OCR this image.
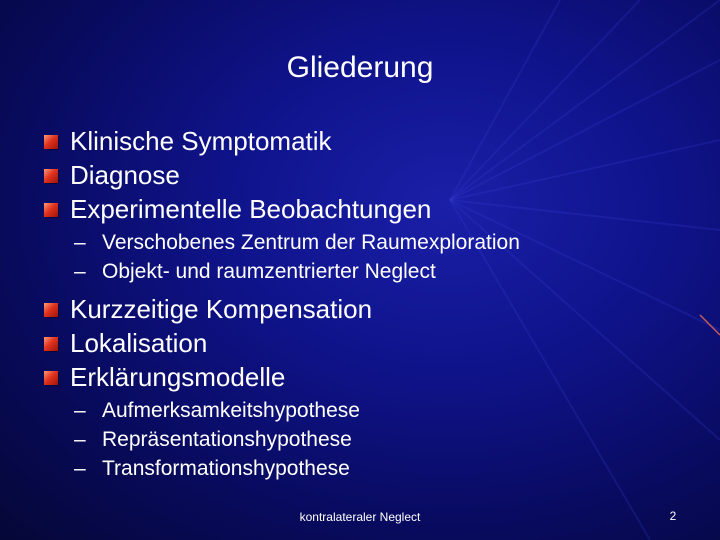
Gliederung
Klinische Symptomatik
Diagnose
Experimentelle Beobachtungen
– Verschobenes Zentrum der Raumexploration
– Objekt- und raumzentrierter Neglect
Kurzzeitige Kompensation
Lokalisation
Erklärungsmodelle
– Aufmerksamkeitshypothese
– Repräsentationshypothese
– Transformationshypothese
kontralateraler Neglect	2
